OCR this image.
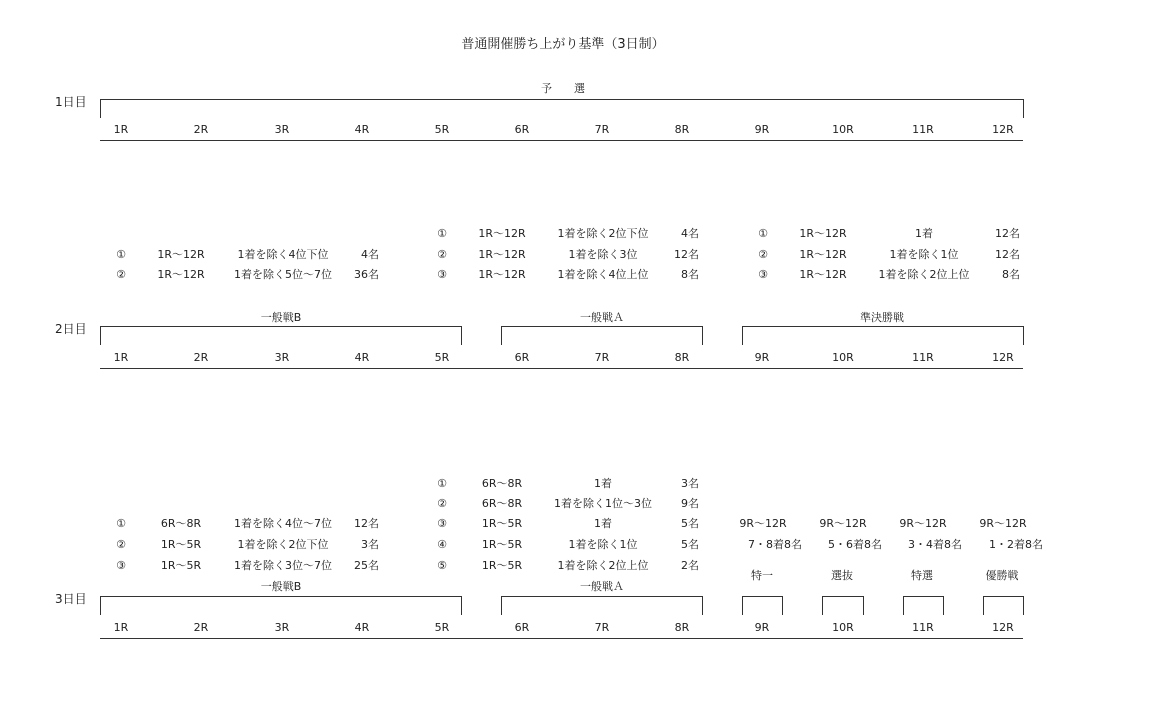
普通開催勝ち上がり基準（3日制）
1日目
予　　選
1R	2R	3R	4R	5R	6R	7R	8R	9R	10R	11R	12R
①	1R～12R	1着を除く4位下位	4名
②	1R～12R	1着を除く5位～7位 36名
①	1R～12R	1着を除く2位下位	4名
②	1R～12R	1着を除く3位	12名
③	1R～12R	1着を除く4位上位	8名
①	1R～12R	1着	12名
②	1R～12R	1着を除く1位	12名
③	1R～12R	1着を除く2位上位	8名
2日目
一般戦B	一般戦Ａ	準決勝戦
1R	2R	3R	4R	5R	6R	7R	8R	9R	10R	11R	12R
①	6R～8R	1着を除く4位～7位 12名
②	1R～5R	1着を除く2位下位	3名
③	1R～5R	1着を除く3位～7位 25名
①	6R～8R	1着	3名
②	6R～8R	1着を除く1位～3位	9名
③	1R～5R	1着	5名
④	1R～5R	1着を除く1位	5名
⑤	1R～5R	1着を除く2位上位	2名
9R～12R	9R～12R	9R～12R	9R～12R
7・8着8名 5・6着8名 3・4着8名 1・2着8名
特一	選抜	特選	優勝戦
3日目
一般戦B	一般戦Ａ
1R	2R	3R	4R	5R	6R	7R	8R	9R	10R	11R	12R
